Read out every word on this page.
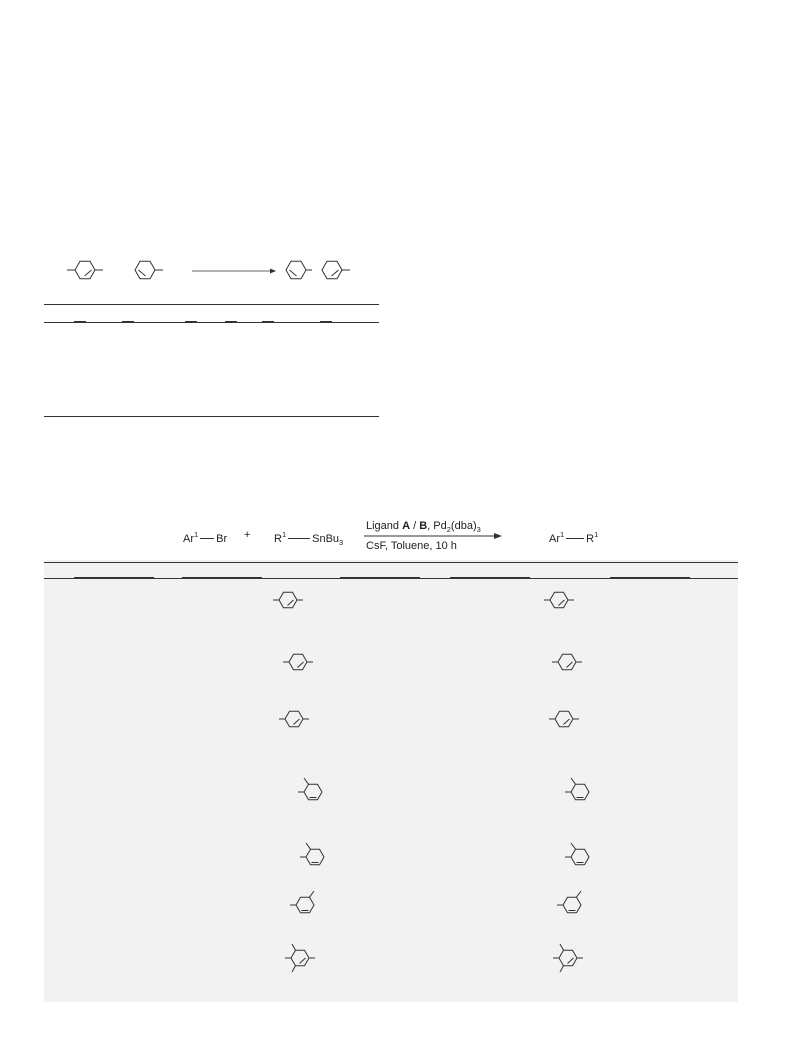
Ar$^1$ $Br + R^1$ SnBu$_3$
Ligand A / B, $Pd_2(dba)_3$
CsF, Toluene, 10 h
Ar$^1$ $R^1$
